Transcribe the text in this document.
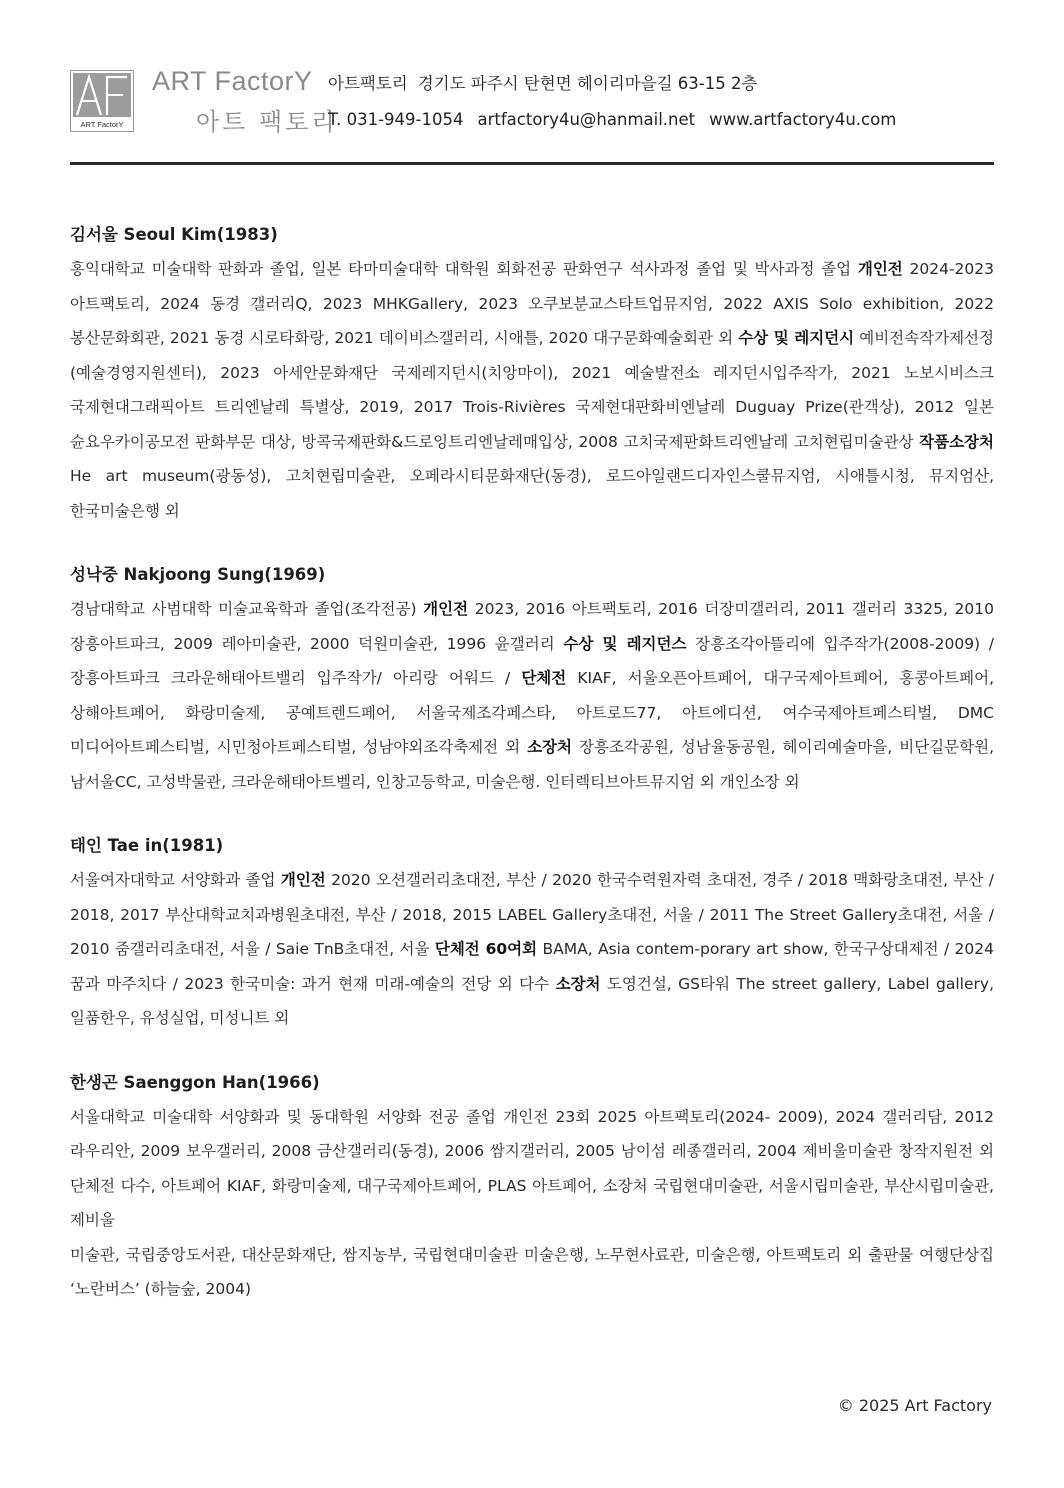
ART FactorY
ART FactorY
아트 팩토리
아트팩토리 경기도 파주시 탄현면 헤이리마을길 63-15 2층
T. 031-949-1054 artfactory4u@hanmail.net www.artfactory4u.com
김서울 Seoul Kim(1983)

홍익대학교 미술대학 판화과 졸업, 일본 타마미술대학 대학원 회화전공 판화연구 석사과정 졸업 및 박사과정 졸업 개인전 2024-2023 아트팩토리, 2024 동경 갤러리Q, 2023 MHKGallery, 2023 오쿠보분교스타트업뮤지엄, 2022 AXIS Solo exhibition, 2022 봉산문화회관, 2021 동경 시로타화랑, 2021 데이비스갤러리, 시애틀, 2020 대구문화예술회관 외 수상 및 레지던시 예비전속작가제선정(예술경영지원센터), 2023 아세안문화재단 국제레지던시(치앙마이), 2021 예술발전소 레지던시입주작가, 2021 노보시비스크 국제현대그래픽아트 트리엔날레 특별상, 2019, 2017 Trois-Rivières 국제현대판화비엔날레 Duguay Prize(관객상), 2012 일본 슌요우카이공모전 판화부문 대상, 방콕국제판화&드로잉트리엔날레매입상, 2008 고치국제판화트리엔날레 고치현립미술관상 작품소장처 He art museum(광동성), 고치현립미술관, 오페라시티문화재단(동경), 로드아일랜드디자인스쿨뮤지엄, 시애틀시청, 뮤지엄산, 한국미술은행 외

성낙중 Nakjoong Sung(1969)

경남대학교 사범대학 미술교육학과 졸업(조각전공) 개인전 2023, 2016 아트팩토리, 2016 더장미갤러리, 2011 갤러리 3325, 2010 장흥아트파크, 2009 레아미술관, 2000 덕원미술관, 1996 윤갤러리 수상 및 레지던스 장흥조각아뜰리에 입주작가(2008-2009) / 장흥아트파크 크라운해태아트밸리 입주작가/ 아리랑 어워드 / 단체전 KIAF, 서울오픈아트페어, 대구국제아트페어, 홍콩아트페어, 상해아트페어, 화랑미술제, 공예트렌드페어, 서울국제조각페스타, 아트로드77, 아트에디션, 여수국제아트페스티벌, DMC 미디어아트페스티벌, 시민청아트페스티벌, 성남야외조각축제전 외 소장처 장흥조각공원, 성남율동공원, 헤이리예술마을, 비단길문학원, 남서울CC, 고성박물관, 크라운해태아트벨리, 인창고등학교, 미술은행. 인터렉티브아트뮤지엄 외 개인소장 외

태인 Tae in(1981)

서울여자대학교 서양화과 졸업 개인전 2020 오션갤러리초대전, 부산 / 2020 한국수력원자력 초대전, 경주 / 2018 맥화랑초대전, 부산 / 2018, 2017 부산대학교치과병원초대전, 부산 / 2018, 2015 LABEL Gallery초대전, 서울 / 2011 The Street Gallery초대전, 서울 / 2010 줌갤러리초대전, 서울 / Saie TnB초대전, 서울 단체전 60여회 BAMA, Asia contem-porary art show, 한국구상대제전 / 2024 꿈과 마주치다 / 2023 한국미술: 과거 현재 미래-예술의 전당 외 다수 소장처 도영건설, GS타워 The street gallery, Label gallery, 일품한우, 유성실업, 미성니트 외

한생곤 Saenggon Han(1966)

서울대학교 미술대학 서양화과 및 동대학원 서양화 전공 졸업 개인전 23회 2025 아트팩토리(2024- 2009), 2024 갤러리담, 2012 라우리안, 2009 보우갤러리, 2008 금산갤러리(동경), 2006 쌈지갤러리, 2005 남이섬 레종갤러리, 2004 제비울미술관 창작지원전 외 단체전 다수, 아트페어 KIAF, 화랑미술제, 대구국제아트페어, PLAS 아트페어, 소장처 국립현대미술관, 서울시립미술관, 부산시립미술관, 제비울

미술관, 국립중앙도서관, 대산문화재단, 쌈지농부, 국립현대미술관 미술은행, 노무현사료관, 미술은행, 아트팩토리 외 출판물 여행단상집 ‘노란버스’ (하늘숲, 2004)

© 2025 Art Factory
